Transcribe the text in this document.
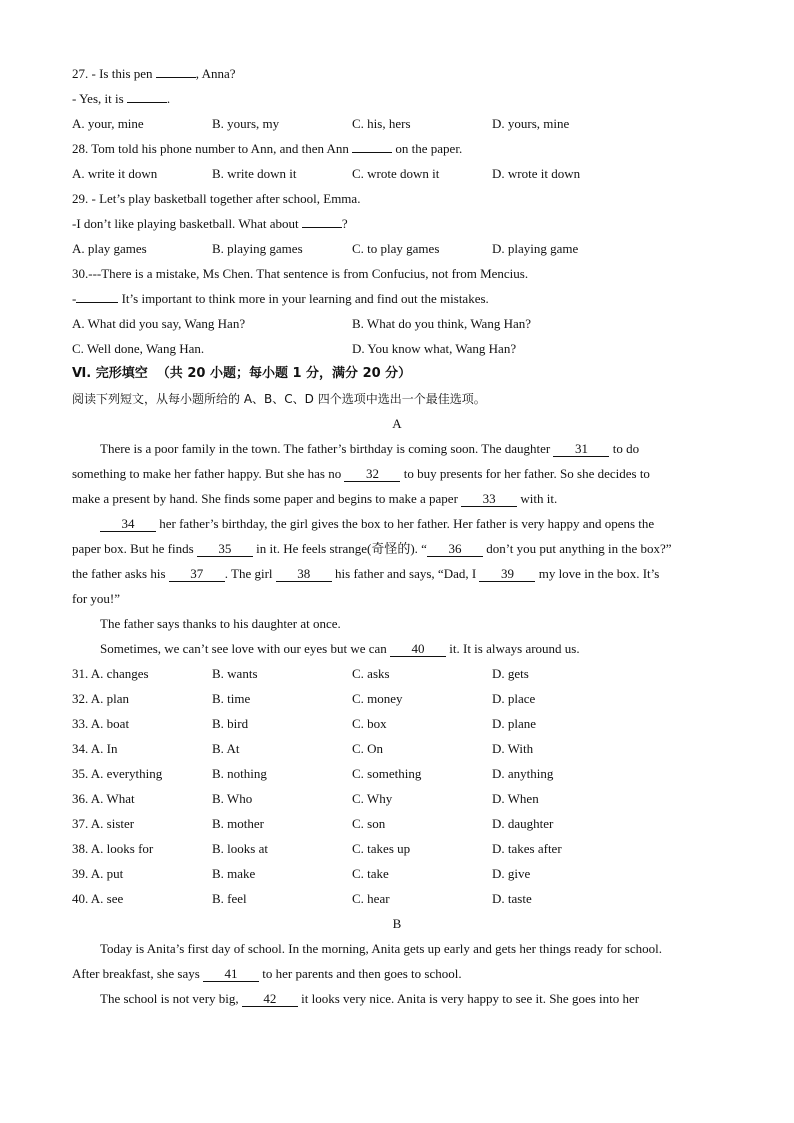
27. - Is this pen	, Anna?
- Yes, it is	.
A. your, mine	B. yours, my	C. his, hers	D. yours, mine
28. Tom told his phone number to Ann, and then Ann	on the paper.
A. write it down	B. write down it	C. wrote down it	D. wrote it down
29. - Let’s play basketball together after school, Emma.
-I don’t like playing basketball. What about	?
A. play games	B. playing games	C. to play games	D. playing game
30.---There is a mistake, Ms Chen. That sentence is from Confucius, not from Mencius.
-	It’s important to think more in your learning and find out the mistakes.
A. What did you say, Wang Han?	B. What do you think, Wang Han?
C. Well done, Wang Han.	D. You know what, Wang Han?
Ⅵ. 完形填空  （共 20 小题；每小题 1 分，满分 20 分）
阅读下列短文，从每小题所给的 A、B、C、D 四个选项中选出一个最佳选项。
A
There is a poor family in the town. The father’s birthday is coming soon. The daughter 31 to do
something to make her father happy. But she has no 32 to buy presents for her father. So she decides to
make a present by hand. She finds some paper and begins to make a paper 33 with it.
34 her father’s birthday, the girl gives the box to her father. Her father is very happy and opens the
paper box. But he finds 35 in it. He feels strange(奇怪的). “ 36 don’t you put anything in the box?”
the father asks his 37 . The girl 38 his father and says, “Dad, I 39 my love in the box. It’s
for you!”
The father says thanks to his daughter at once.
Sometimes, we can’t see love with our eyes but we can 40 it. It is always around us.
31. A. changes	B. wants	C. asks	D. gets
32. A. plan	B. time	C. money	D. place
33. A. boat	B. bird	C. box	D. plane
34. A. In	B. At	C. On	D. With
35. A. everything	B. nothing	C. something	D. anything
36. A. What	B. Who	C. Why	D. When
37. A. sister	B. mother	C. son	D. daughter
38. A. looks for	B. looks at	C. takes up	D. takes after
39. A. put	B. make	C. take	D. give
40. A. see	B. feel	C. hear	D. taste
B
Today is Anita’s first day of school. In the morning, Anita gets up early and gets her things ready for school.
After breakfast, she says 41 to her parents and then goes to school.
The school is not very big, 42 it looks very nice. Anita is very happy to see it. She goes into her
